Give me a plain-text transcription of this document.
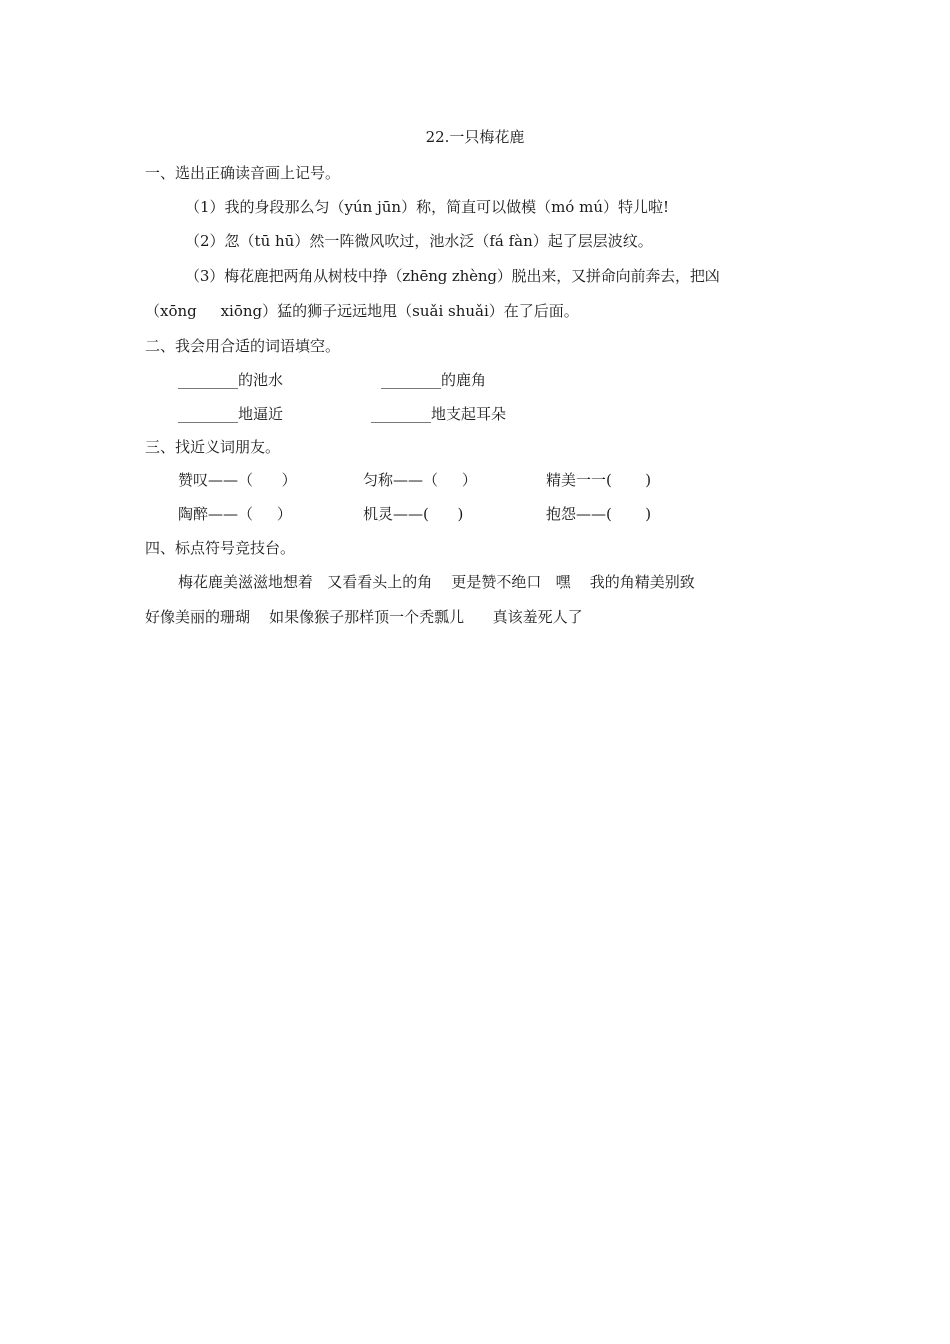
22.一只梅花鹿
一、选出正确读音画上记号。
（1）我的身段那么匀（yún jūn）称，简直可以做模（mó mú）特儿啦!
（2）忽（tū hū）然一阵微风吹过，池水泛（fá fàn）起了层层波纹。
（3）梅花鹿把两角从树枝中挣（zhēng zhèng）脱出来，又拼命向前奔去，把凶
（xōng     xiōng）猛的狮子远远地甩（suǎi shuǎi）在了后面。
二、我会用合适的词语填空。
________的池水	________的鹿角
________地逼近	________地支起耳朵
三、找近义词朋友。
赞叹——（      ）	匀称——（     ）	精美一一(       )
陶醉——（     ）	机灵——(      )	抱怨——(       )
四、标点符号竞技台。
梅花鹿美滋滋地想着   又看看头上的角    更是赞不绝口   嘿    我的角精美别致
好像美丽的珊瑚    如果像猴子那样顶一个秃瓢儿      真该羞死人了
